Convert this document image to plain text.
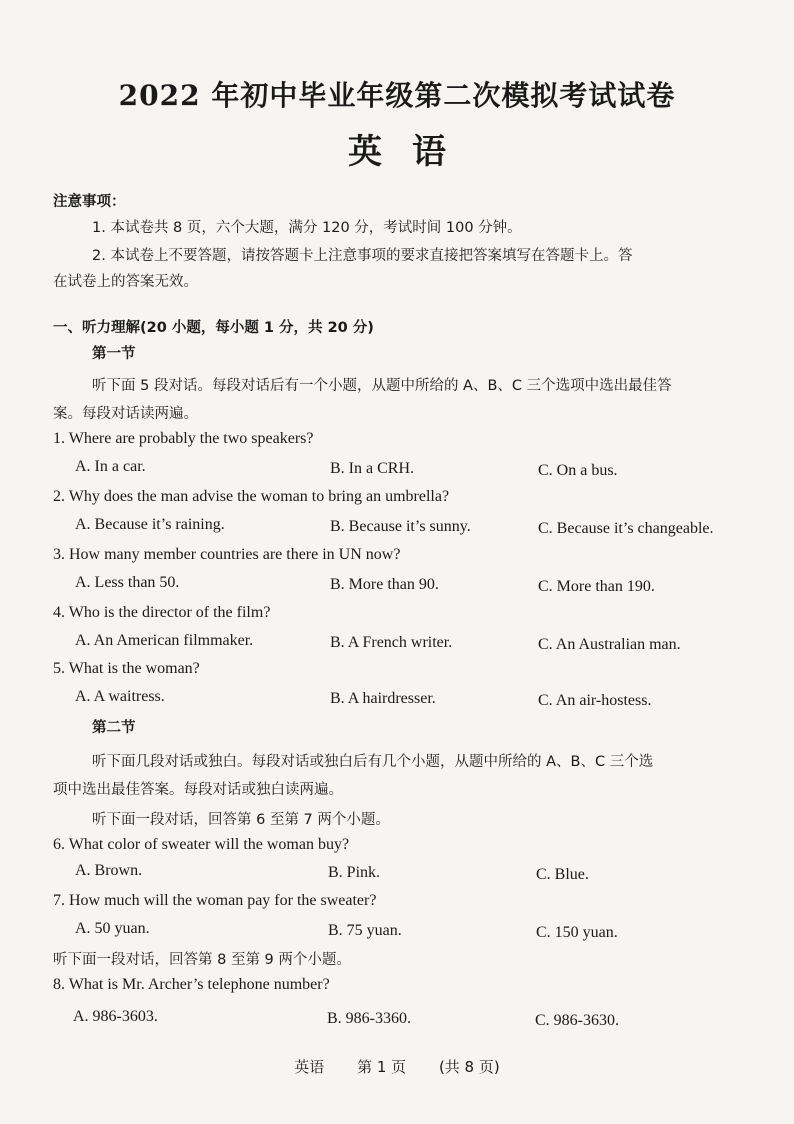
2022 年初中毕业年级第二次模拟考试试卷
英语
注意事项：
1. 本试卷共 8 页，六个大题，满分 120 分，考试时间 100 分钟。
2. 本试卷上不要答题，请按答题卡上注意事项的要求直接把答案填写在答题卡上。答
在试卷上的答案无效。
一、听力理解(20 小题，每小题 1 分，共 20 分)
第一节
听下面 5 段对话。每段对话后有一个小题，从题中所给的 A、B、C 三个选项中选出最佳答
案。每段对话读两遍。
1. Where are probably the two speakers?
A. In a car.	B. In a CRH.	C. On a bus.
2. Why does the man advise the woman to bring an umbrella?
A. Because it’s raining.	B. Because it’s sunny.	C. Because it’s changeable.
3. How many member countries are there in UN now?
A. Less than 50.	B. More than 90.	C. More than 190.
4. Who is the director of the film?
A. An American filmmaker.	B. A French writer.	C. An Australian man.
5. What is the woman?
A. A waitress.	B. A hairdresser.	C. An air-hostess.
第二节
听下面几段对话或独白。每段对话或独白后有几个小题，从题中所给的 A、B、C 三个选
项中选出最佳答案。每段对话或独白读两遍。
听下面一段对话，回答第 6 至第 7 两个小题。
6. What color of sweater will the woman buy?
A. Brown.	B. Pink.	C. Blue.
7. How much will the woman pay for the sweater?
A. 50 yuan.	B. 75 yuan.	C. 150 yuan.
听下面一段对话，回答第 8 至第 9 两个小题。
8. What is Mr. Archer’s telephone number?
A. 986-3603.	B. 986-3360.	C. 986-3630.
英语 第 1 页 (共 8 页)
